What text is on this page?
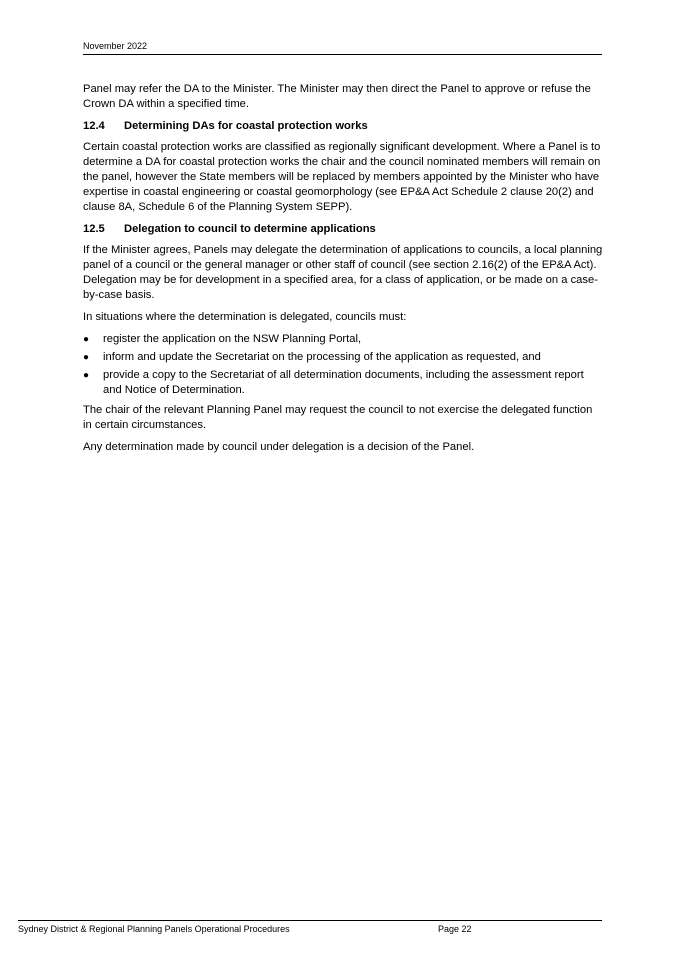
November 2022

Panel may refer the DA to the Minister. The Minister may then direct the Panel to approve or refuse the Crown DA within a specified time.

12.4	Determining DAs for coastal protection works

Certain coastal protection works are classified as regionally significant development. Where a Panel is to determine a DA for coastal protection works the chair and the council nominated members will remain on the panel, however the State members will be replaced by members appointed by the Minister who have expertise in coastal engineering or coastal geomorphology (see EP&A Act Schedule 2 clause 20(2) and clause 8A, Schedule 6 of the Planning System SEPP).

12.5	Delegation to council to determine applications

If the Minister agrees, Panels may delegate the determination of applications to councils, a local planning panel of a council or the general manager or other staff of council (see section 2.16(2) of the EP&A Act). Delegation may be for development in a specified area, for a class of application, or be made on a case-by-case basis.

In situations where the determination is delegated, councils must:

●	register the application on the NSW Planning Portal,
●	inform and update the Secretariat on the processing of the application as requested, and
●	provide a copy to the Secretariat of all determination documents, including the assessment report and Notice of Determination.

The chair of the relevant Planning Panel may request the council to not exercise the delegated function in certain circumstances.

Any determination made by council under delegation is a decision of the Panel.

Sydney District & Regional Planning Panels Operational Procedures	Page 22
